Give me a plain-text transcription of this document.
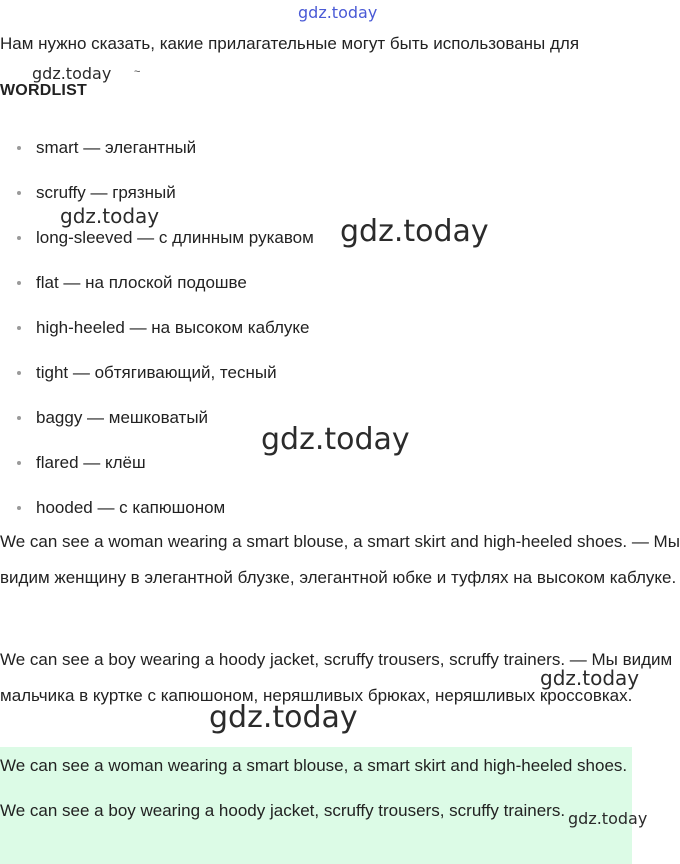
gdz.today
Нам нужно сказать, какие прилагательные могут быть использованы для
gdz.today ~
WORDLIST
smart — элегантный
scruffy — грязный
long-sleeved — с длинным рукавом
flat — на плоской подошве
high-heeled — на высоком каблуке
tight — обтягивающий, тесный
baggy — мешковатый
flared — клёш
hooded — с капюшоном
gdz.today	gdz.today
gdz.today

We can see a woman wearing a smart blouse, a smart skirt and high-heeled shoes. — Мы видим женщину в элегантной блузке, элегантной юбке и туфлях на высоком каблуке.

We can see a boy wearing a hoody jacket, scruffy trousers, scruffy trainers. — Мы видим мальчика в куртке с капюшоном, неряшливых брюках, неряшливых кроссовках.

gdz.today

We can see a woman wearing a smart blouse, a smart skirt and high-heeled shoes.

We can see a boy wearing a hoody jacket, scruffy trousers, scruffy trainers.

gdz.today
gdz.today
